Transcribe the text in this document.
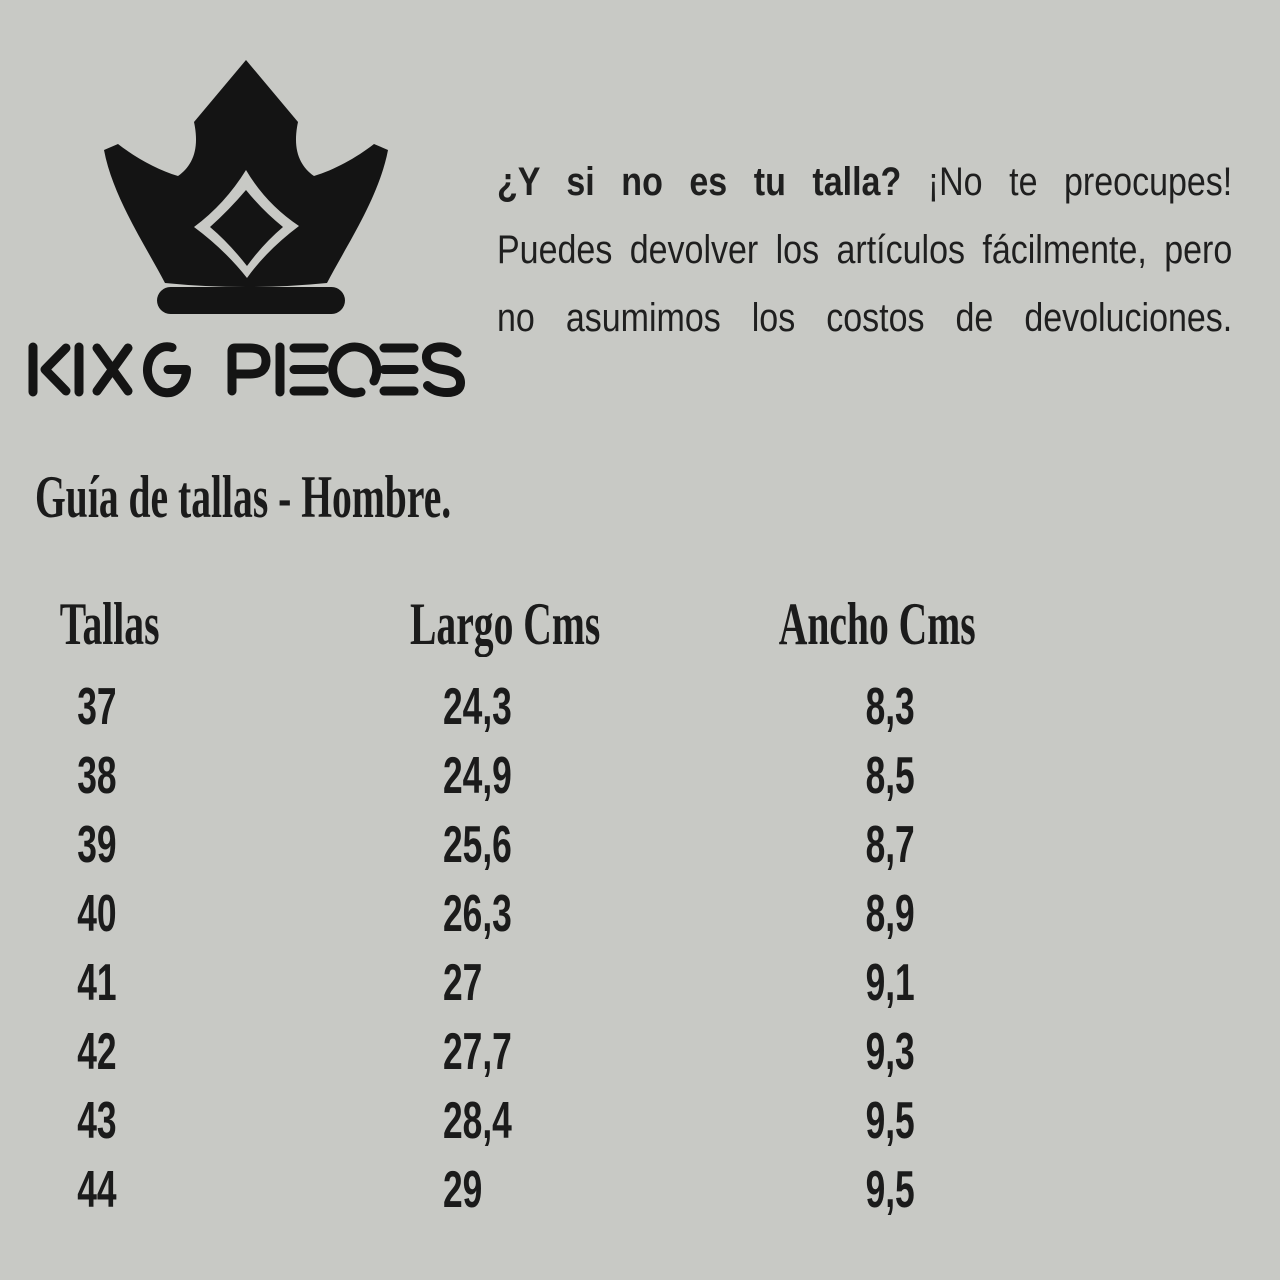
¿Y si no es tu talla? ¡No te preocupes!
Puedes devolver los artículos fácilmente, pero
no asumimos los costos de devoluciones.
Guía de tallas - Hombre.
Tallas	Largo Cms	Ancho Cms
37	24,3	8,3
38	24,9	8,5
39	25,6	8,7
40	26,3	8,9
41	27	9,1
42	27,7	9,3
43	28,4	9,5
44	29	9,5
